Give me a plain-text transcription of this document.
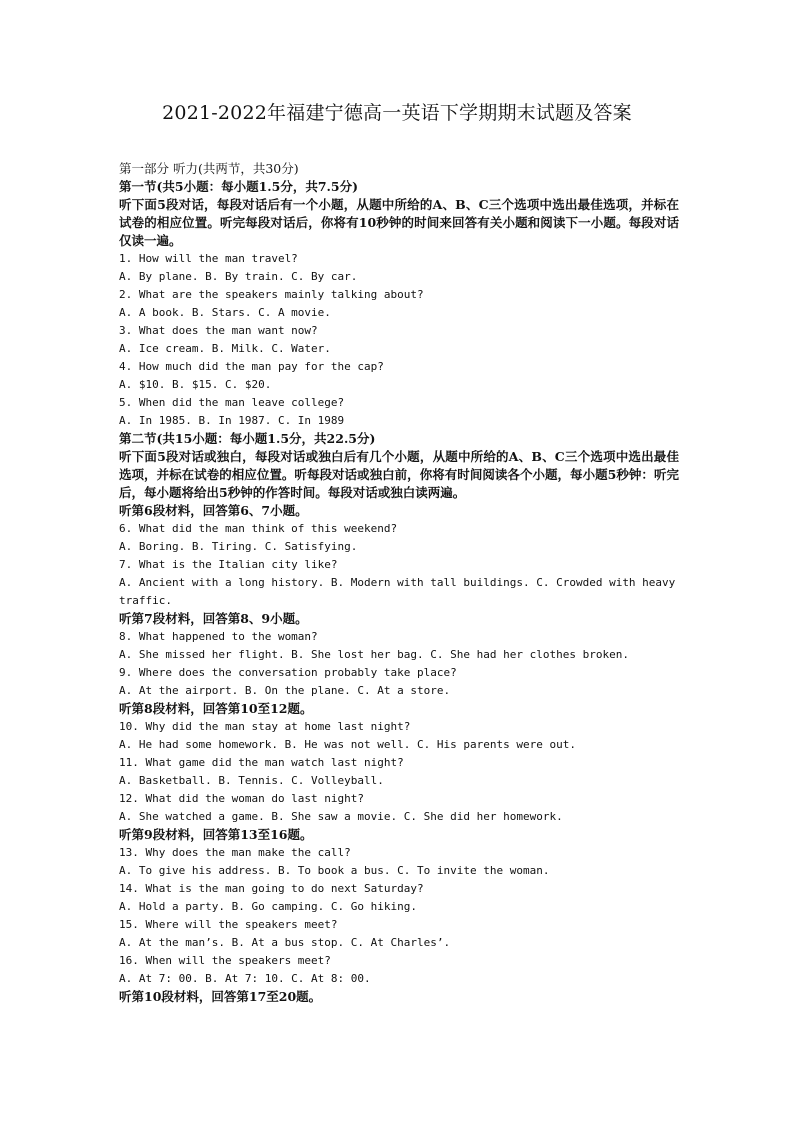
2021-2022年福建宁德高一英语下学期期末试题及答案
第一部分 听力(共两节，共30分)
第一节(共5小题：每小题1.5分，共7.5分)
听下面5段对话，每段对话后有一个小题，从题中所给的A、B、C三个选项中选出最佳选项，并标在试卷的相应位置。听完每段对话后，你将有10秒钟的时间来回答有关小题和阅读下一小题。每段对话仅读一遍。
1. How will the man travel?
A. By plane. B. By train. C. By car.
2. What are the speakers mainly talking about?
A. A book. B. Stars. C. A movie.
3. What does the man want now?
A. Ice cream. B. Milk. C. Water.
4. How much did the man pay for the cap?
A. $10. B. $15. C. $20.
5. When did the man leave college?
A. In 1985. B. In 1987. C. In 1989
第二节(共15小题：每小题1.5分，共22.5分)
听下面5段对话或独白，每段对话或独白后有几个小题，从题中所给的A、B、C三个选项中选出最佳选项，并标在试卷的相应位置。听每段对话或独白前，你将有时间阅读各个小题，每小题5秒钟：听完后，每小题将给出5秒钟的作答时间。每段对话或独白读两遍。
听第6段材料，回答第6、7小题。
6. What did the man think of this weekend?
A. Boring. B. Tiring. C. Satisfying.
7. What is the Italian city like?
A. Ancient with a long history. B. Modern with tall buildings. C. Crowded with heavy traffic.
听第7段材料，回答第8、9小题。
8. What happened to the woman?
A. She missed her flight. B. She lost her bag. C. She had her clothes broken.
9. Where does the conversation probably take place?
A. At the airport. B. On the plane. C. At a store.
听第8段材料，回答第10至12题。
10. Why did the man stay at home last night?
A. He had some homework. B. He was not well. C. His parents were out.
11. What game did the man watch last night?
A. Basketball. B. Tennis. C. Volleyball.
12. What did the woman do last night?
A. She watched a game. B. She saw a movie. C. She did her homework.
听第9段材料，回答第13至16题。
13. Why does the man make the call?
A. To give his address. B. To book a bus. C. To invite the woman.
14. What is the man going to do next Saturday?
A. Hold a party. B. Go camping. C. Go hiking.
15. Where will the speakers meet?
A. At the man’s. B. At a bus stop. C. At Charles’.
16. When will the speakers meet?
A. At 7: 00. B. At 7: 10. C. At 8: 00.
听第10段材料，回答第17至20题。
